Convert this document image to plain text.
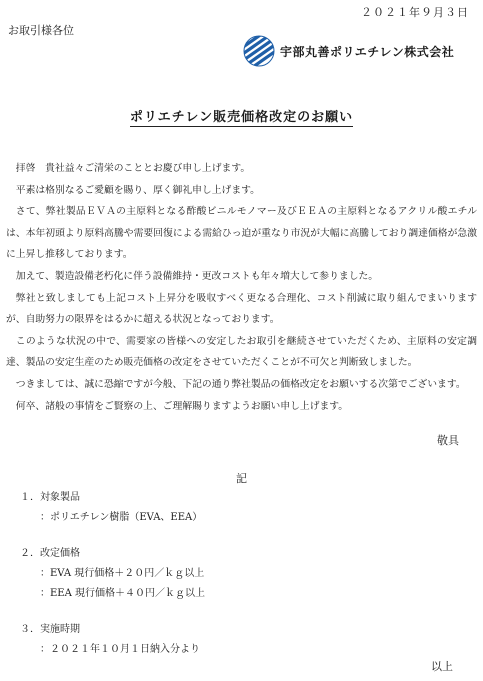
２０２１年９月３日
お取引様各位
宇部丸善ポリエチレン株式会社
ポリエチレン販売価格改定のお願い

拝啓　貴社益々ご清栄のこととお慶び申し上げます。

平素は格別なるご愛顧を賜り、厚く御礼申し上げます。

さて、弊社製品ＥＶＡの主原料となる酢酸ビニルモノマー及びＥＥＡの主原料となるアクリル酸エチルは、本年初頭より原料高騰や需要回復による需給ひっ迫が重なり市況が大幅に高騰しており調達価格が急激に上昇し推移しております。

加えて、製造設備老朽化に伴う設備維持・更改コストも年々増大して参りました。

弊社と致しましても上記コスト上昇分を吸収すべく更なる合理化、コスト削減に取り組んでまいりますが、自助努力の限界をはるかに超える状況となっております。

このような状況の中で、需要家の皆様への安定したお取引を継続させていただくため、主原料の安定調達、製品の安定生産のため販売価格の改定をさせていただくことが不可欠と判断致しました。

つきましては、誠に恐縮ですが今般、下記の通り弊社製品の価格改定をお願いする次第でございます。

何卒、諸般の事情をご賢察の上、ご理解賜りますようお願い申し上げます。

敬具
記
１．対象製品
：ポリエチレン樹脂（EVA、EEA）
２．改定価格
：EVA 現行価格＋２０円／ｋｇ以上
：EEA 現行価格＋４０円／ｋｇ以上
３．実施時期
：２０２１年１０月１日納入分より
以上
